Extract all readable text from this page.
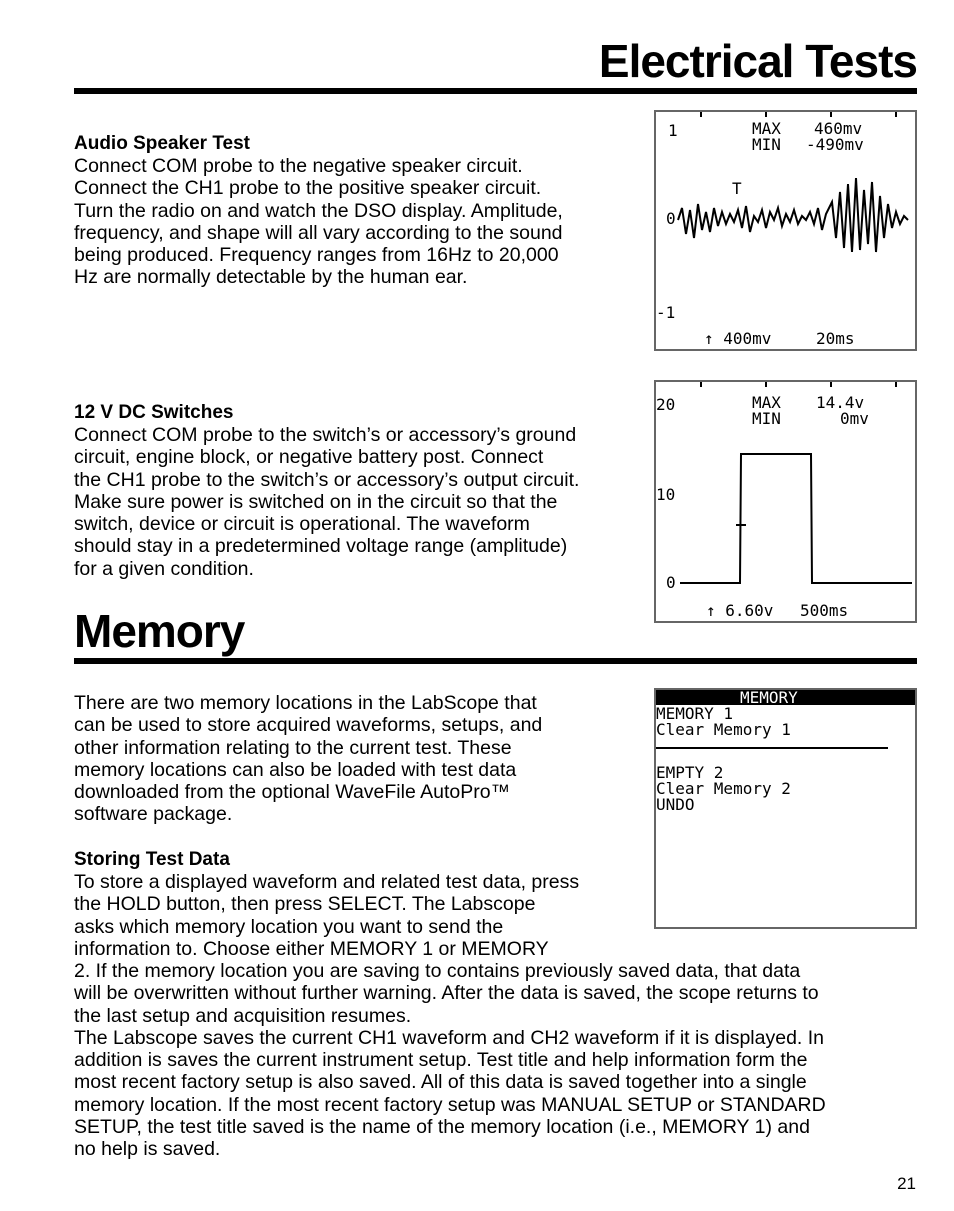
Electrical Tests
Audio Speaker Test
Connect COM probe to the negative speaker circuit.
Connect the CH1 probe to the positive speaker circuit.
Turn the radio on and watch the DSO display. Amplitude,
frequency, and shape will all vary according to the sound
being produced. Frequency ranges from 16Hz to 20,000
Hz are normally detectable by the human ear.
1
0
-1
MAX 460mv
MIN -490mv
T
↑ 400mv	20ms
12 V DC Switches
Connect COM probe to the switch’s or accessory’s ground
circuit, engine block, or negative battery post. Connect
the CH1 probe to the switch’s or accessory’s output circuit.
Make sure power is switched on in the circuit so that the
switch, device or circuit is operational. The waveform
should stay in a predetermined voltage range (amplitude)
for a given condition.
20
10
0
MAX 14.4v
MIN	0mv
↑ 6.60v 500ms
Memory
There are two memory locations in the LabScope that
can be used to store acquired waveforms, setups, and
other information relating to the current test. These
memory locations can also be loaded with test data
downloaded from the optional WaveFile AutoPro™
software package.
MEMORY
MEMORY 1
Clear Memory 1
EMPTY 2
Clear Memory 2
UNDO
Storing Test Data
To store a displayed waveform and related test data, press
the HOLD button, then press SELECT. The Labscope
asks which memory location you want to send the
information to. Choose either MEMORY 1 or MEMORY
2. If the memory location you are saving to contains previously saved data, that data
will be overwritten without further warning. After the data is saved, the scope returns to
the last setup and acquisition resumes.
The Labscope saves the current CH1 waveform and CH2 waveform if it is displayed. In
addition is saves the current instrument setup. Test title and help information form the
most recent factory setup is also saved. All of this data is saved together into a single
memory location. If the most recent factory setup was MANUAL SETUP or STANDARD
SETUP, the test title saved is the name of the memory location (i.e., MEMORY 1) and
no help is saved.
21
